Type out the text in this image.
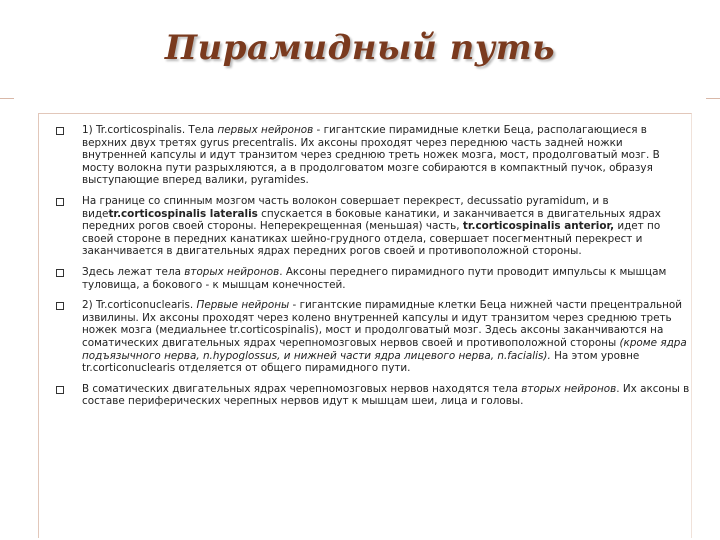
Пирамидный путь
1) Tr.corticospinalis. Тела первых нейронов - гигантские пирамидные клетки Беца, располагающиеся в верхних двух третях gyrus precentralis. Их аксоны проходят через переднюю часть задней ножки внутренней капсулы и идут транзитом через среднюю треть ножек мозга, мост, продолговатый мозг. В мосту волокна пути разрыхляются, а в продолговатом мозге собираются в компактный пучок, образуя выступающие вперед валики, pyramides.
На границе со спинным мозгом часть волокон совершает перекрест, decussatio pyramidum, и в видеtr.corticospinalis lateralis спускается в боковые канатики, и заканчивается в двигательных ядрах передних рогов своей стороны. Неперекрещенная (меньшая) часть, tr.corticospinalis anterior, идет по своей стороне в передних канатиках шейно-грудного отдела, совершает посегментный перекрест и заканчивается в двигательных ядрах передних рогов своей и противоположной стороны.
Здесь лежат тела вторых нейронов. Аксоны переднего пирамидного пути проводит импульсы к мышцам туловища, а бокового - к мышцам конечностей.
2) Tr.corticonuclearis. Первые нейроны - гигантские пирамидные клетки Беца нижней части прецентральной извилины. Их аксоны проходят через колено внутренней капсулы и идут транзитом через среднюю треть ножек мозга (медиальнее tr.corticospinalis), мост и продолговатый мозг. Здесь аксоны заканчиваются на соматических двигательных ядрах черепномозговых нервов своей и противоположной стороны (кроме ядра подъязычного нерва, n.hypoglossus, и нижней части ядра лицевого нерва, n.facialis). На этом уровне tr.corticonuclearis отделяется от общего пирамидного пути.
В соматических двигательных ядрах черепномозговых нервов находятся тела вторых нейронов. Их аксоны в составе периферических черепных нервов идут к мышцам шеи, лица и головы.
